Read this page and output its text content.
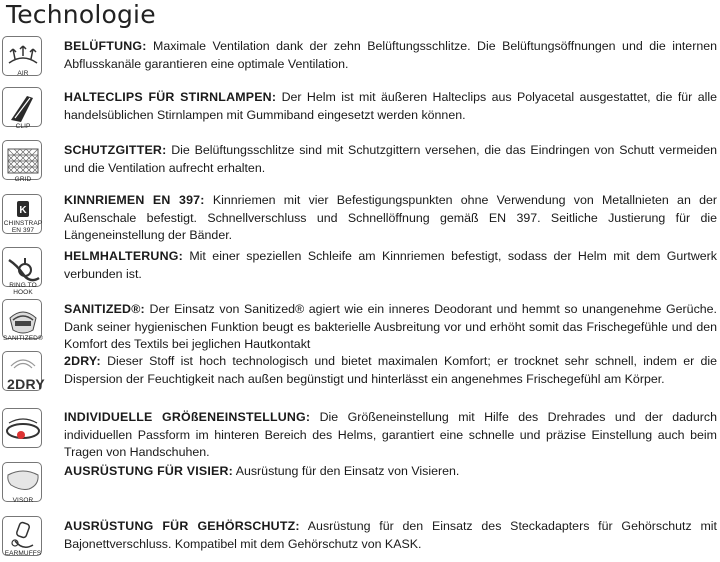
Technologie
AIR
BELÜFTUNG: Maximale Ventilation dank der zehn Belüftungsschlitze. Die Belüftungsöffnungen und die internen Abflusskanäle garantieren eine optimale Ventilation.
CLIP
HALTECLIPS FÜR STIRNLAMPEN: Der Helm ist mit äußeren Halteclips aus Polyacetal ausgestattet, die für alle handelsüblichen Stirnlampen mit Gummiband eingesetzt werden können.
GRID
SCHUTZGITTER: Die Belüftungsschlitze sind mit Schutzgittern versehen, die das Eindringen von Schutt vermeiden und die Ventilation aufrecht erhalten.
K
CHINSTRAP
EN 397
KINNRIEMEN EN 397: Kinnriemen mit vier Befestigungspunkten ohne Verwendung von Metallnieten an der Außenschale befestigt. Schnellverschluss und Schnellöffnung gemäß EN 397. Seitliche Justierung für die Längeneinstellung der Bänder.
RING TO HOOK
HELMHALTERUNG: Mit einer speziellen Schleife am Kinnriemen befestigt, sodass der Helm mit dem Gurtwerk verbunden ist.
SANITIZED®
SANITIZED®: Der Einsatz von Sanitized® agiert wie ein inneres Deodorant und hemmt so unangenehme Gerüche. Dank seiner hygienischen Funktion beugt es bakterielle Ausbreitung vor und erhöht somit das Frischegefühle und den Komfort des Textils bei jeglichen Hautkontakt
2DRY
2DRY: Dieser Stoff ist hoch technologisch und bietet maximalen Komfort; er trocknet sehr schnell, indem er die Dispersion der Feuchtigkeit nach außen begünstigt und hinterlässt ein angenehmes Frischegefühl am Körper.
INDIVIDUELLE GRÖßENEINSTELLUNG: Die Größeneinstellung mit Hilfe des Drehrades und der dadurch individuellen Passform im hinteren Bereich des Helms, garantiert eine schnelle und präzise Einstellung auch beim Tragen von Handschuhen.
VISOR
AUSRÜSTUNG FÜR VISIER: Ausrüstung für den Einsatz von Visieren.
EARMUFFS
AUSRÜSTUNG FÜR GEHÖRSCHUTZ: Ausrüstung für den Einsatz des Steckadapters für Gehörschutz mit Bajonettverschluss. Kompatibel mit dem Gehörschutz von KASK.
